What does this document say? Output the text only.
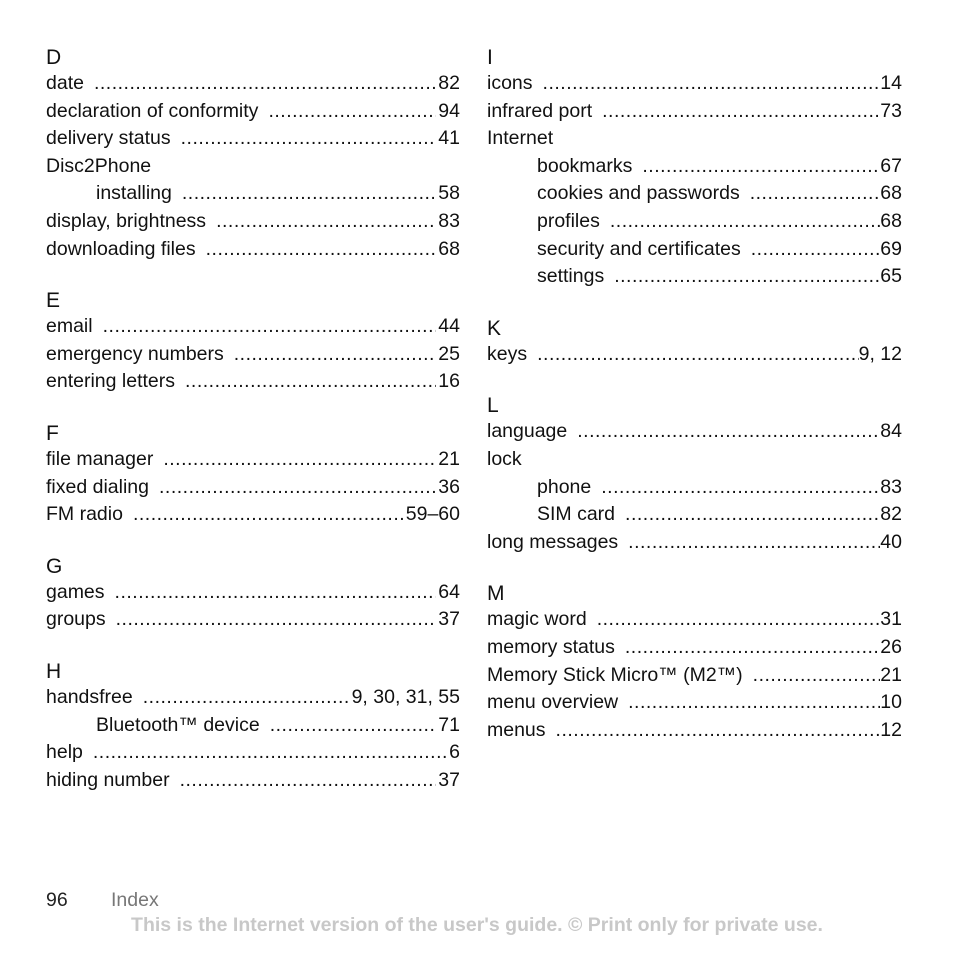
D
date .....	82
declaration of conformity .....	94
delivery status .....	41
Disc2Phone
installing .....	58
display, brightness .....	83
downloading files .....	68
E
email .....	44
emergency numbers .....	25
entering letters .....	16
F
file manager .....	21
fixed dialing .....	36
FM radio .....	59–60
G
games .....	64
groups .....	37
H
handsfree .....	9, 30, 31, 55
Bluetooth™ device .....	71
help .....	6
hiding number .....	37
I
icons .....	14
infrared port .....	73
Internet
bookmarks .....	67
cookies and passwords .....	68
profiles .....	68
security and certificates .....	69
settings .....	65
K
keys .....	9, 12
L
language .....	84
lock
phone .....	83
SIM card .....	82
long messages .....	40
M
magic word .....	31
memory status .....	26
Memory Stick Micro™ (M2™) .....	21
menu overview .....	10
menus .....	12
96 Index
This is the Internet version of the user's guide. © Print only for private use.
